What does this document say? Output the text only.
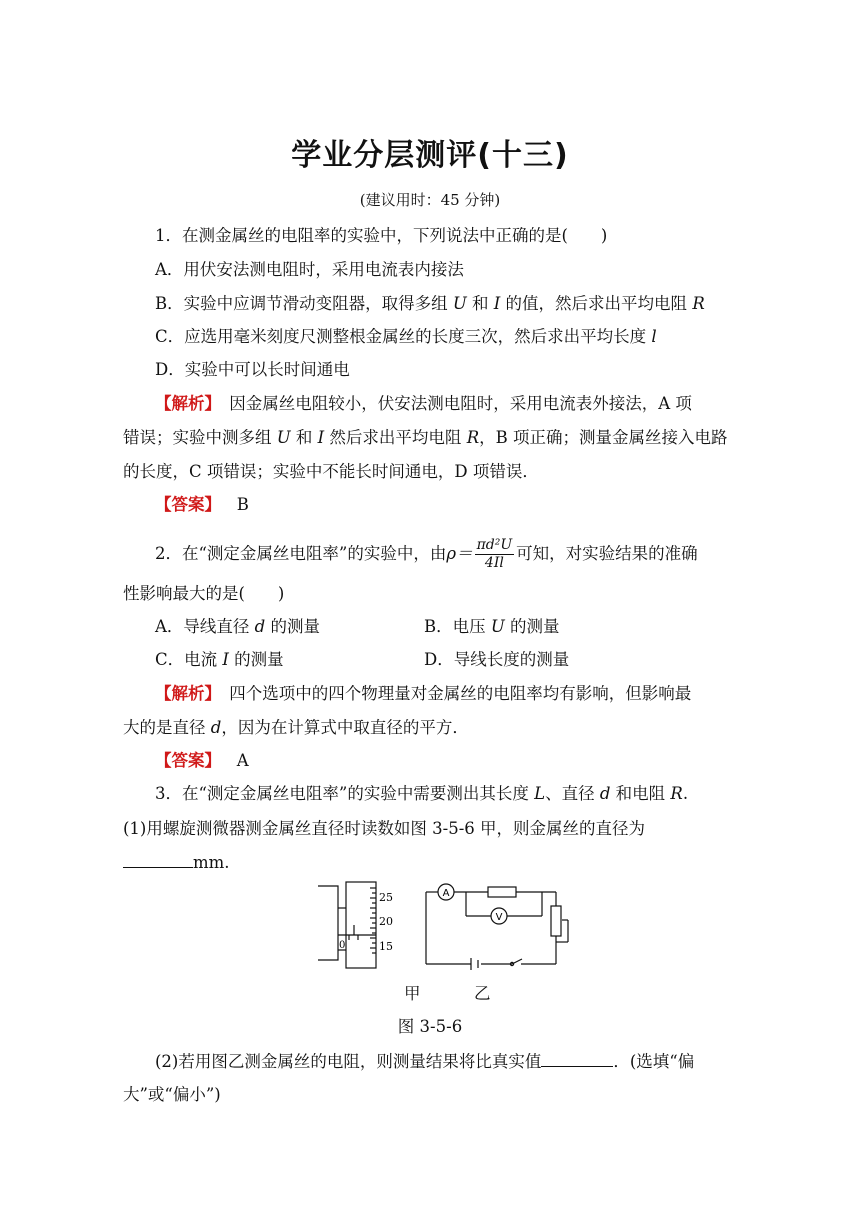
学业分层测评(十三)
(建议用时：45 分钟)
1．在测金属丝的电阻率的实验中，下列说法中正确的是(　　)
A．用伏安法测电阻时，采用电流表内接法
B．实验中应调节滑动变阻器，取得多组 U 和 I 的值，然后求出平均电阻 R
C．应选用毫米刻度尺测整根金属丝的长度三次，然后求出平均长度 l
D．实验中可以长时间通电
【解析】　因金属丝电阻较小，伏安法测电阻时，采用电流表外接法，A 项
错误；实验中测多组 U 和 I 然后求出平均电阻 R，B 项正确；测量金属丝接入电路
的长度，C 项错误；实验中不能长时间通电，D 项错误．
【答案】 B
2．在“测定金属丝电阻率”的实验中，由$\rho= \frac{\text{πd²U}}{4Il}$ 可知，对实验结果的准确
性影响最大的是(　　)
A．导线直径 d 的测量	B．电压 U 的测量
C．电流 I 的测量	D．导线长度的测量
【解析】　四个选项中的四个物理量对金属丝的电阻率均有影响，但影响最
大的是直径 d，因为在计算式中取直径的平方．
【答案】 A
3．在“测定金属丝电阻率”的实验中需要测出其长度 L、直径 d 和电阻 R.
(1)用螺旋测微器测金属丝直径时读数如图 3-5-6 甲，则金属丝的直径为
mm.
25
20
15
0
A
V
甲	乙
图 3-5-6
(2)若用图乙测金属丝的电阻，则测量结果将比真实值	．(选填“偏
大”或“偏小”)
